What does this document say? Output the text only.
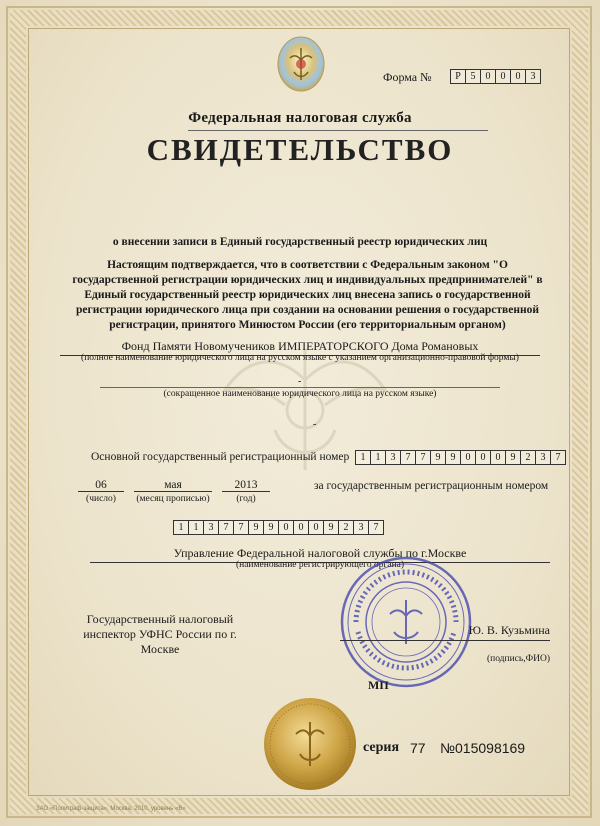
Форма №	Р 5	0	0	0	3
Федеральная налоговая служба
СВИДЕТЕЛЬСТВО
о внесении записи в Единый государственный реестр юридических лиц
Настоящим подтверждается, что в соответствии с Федеральным законом "О государственной регистрации юридических лиц и индивидуальных предпринимателей" в Единый государственный реестр юридических лиц внесена запись о государственной регистрации юридического лица при создании на основании решения о государственной регистрации, принятого Минюстом России (его территориальным органом)
Фонд Памяти Новомучеников ИМПЕРАТОРСКОГО Дома Романовых
(полное наименование юридического лица на русском языке с указанием организационно-правовой формы)
-
(сокращенное наименование юридического лица на русском языке)
-
Основной государственный регистрационный номер	1	1	3	7	7	9	9	0	0	0	9	2	3	7
06	мая	2013
(число)	(месяц прописью)	(год)
за государственным регистрационным номером
1	1	3	7	7	9	9	0	0	0	9	2	3	7
Управление Федеральной налоговой службы по г.Москве
(наименование регистрирующего органа)
Государственный налоговый инспектор УФНС России по г. Москве
Ю. В. Кузьмина
(подпись,ФИО)
МП
серия 77 №015098169
ЗАО «Полиграф-защита», Москва, 2010, уровень «В»
